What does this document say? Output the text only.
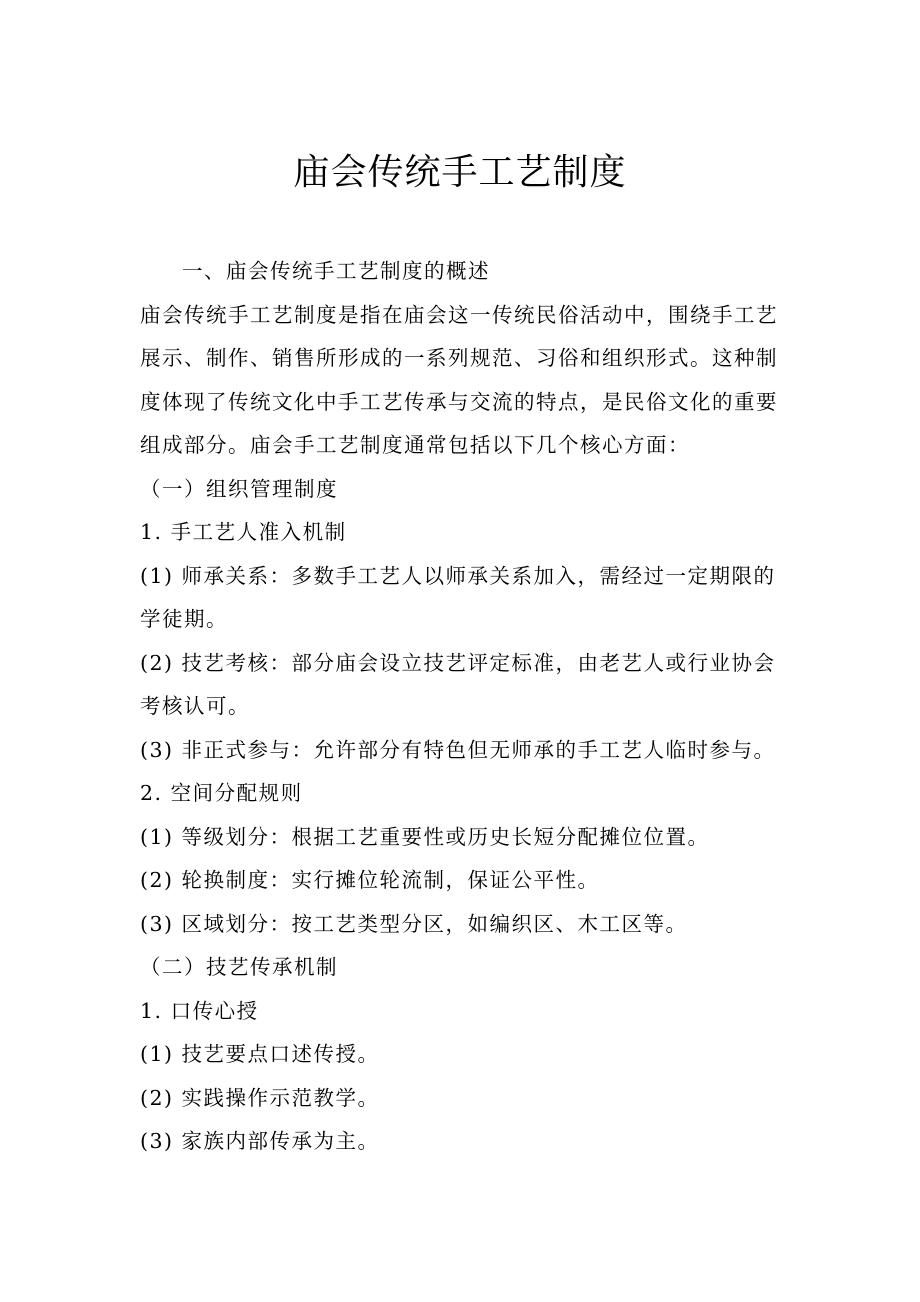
庙会传统手工艺制度
一、庙会传统手工艺制度的概述
庙会传统手工艺制度是指在庙会这一传统民俗活动中，围绕手工艺
展示、制作、销售所形成的一系列规范、习俗和组织形式。这种制
度体现了传统文化中手工艺传承与交流的特点，是民俗文化的重要
组成部分。庙会手工艺制度通常包括以下几个核心方面：
（一）组织管理制度
1. 手工艺人准入机制
(1) 师承关系：多数手工艺人以师承关系加入，需经过一定期限的
学徒期。
(2) 技艺考核：部分庙会设立技艺评定标准，由老艺人或行业协会
考核认可。
(3) 非正式参与：允许部分有特色但无师承的手工艺人临时参与。
2. 空间分配规则
(1) 等级划分：根据工艺重要性或历史长短分配摊位位置。
(2) 轮换制度：实行摊位轮流制，保证公平性。
(3) 区域划分：按工艺类型分区，如编织区、木工区等。
（二）技艺传承机制
1. 口传心授
(1) 技艺要点口述传授。
(2) 实践操作示范教学。
(3) 家族内部传承为主。
